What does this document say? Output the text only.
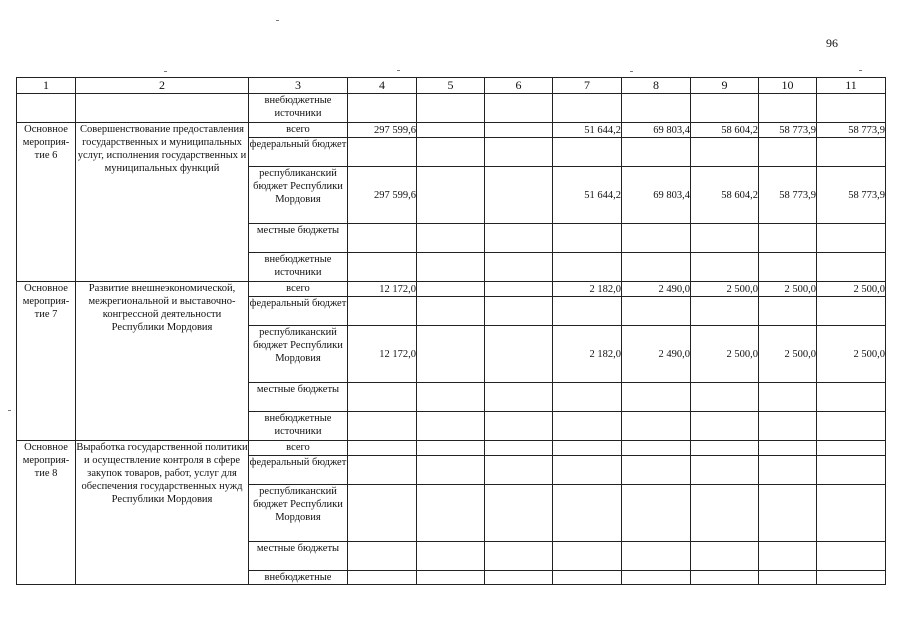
96
1	2	3	4	5	6	7	8	9	10	11
		внебюджетные источники								
Основное мероприя-тие 6	Совершенствование предоставления государственных и муниципальных услуг, исполнения государственных и муниципальных функций	всего	297 599,6			51 644,2	69 803,4	58 604,2	58 773,9	58 773,9
		федеральный бюджет								
		республиканский бюджет Республики Мордовия	297 599,6			51 644,2	69 803,4	58 604,2	58 773,9	58 773,9
		местные бюджеты								
		внебюджетные источники								
Основное мероприя-тие 7	Развитие внешнеэкономической, межрегиональной и выставочно-конгрессной деятельности Республики Мордовия	всего	12 172,0			2 182,0	2 490,0	2 500,0	2 500,0	2 500,0
		федеральный бюджет								
		республиканский бюджет Республики Мордовия	12 172,0			2 182,0	2 490,0	2 500,0	2 500,0	2 500,0
		местные бюджеты								
		внебюджетные источники								
Основное мероприя-тие 8	Выработка государственной политики и осуществление контроля в сфере закупок товаров, работ, услуг для обеспечения государственных нужд Республики Мордовия	всего								
		федеральный бюджет								
		республиканский бюджет Республики Мордовия								
		местные бюджеты								
		внебюджетные								
